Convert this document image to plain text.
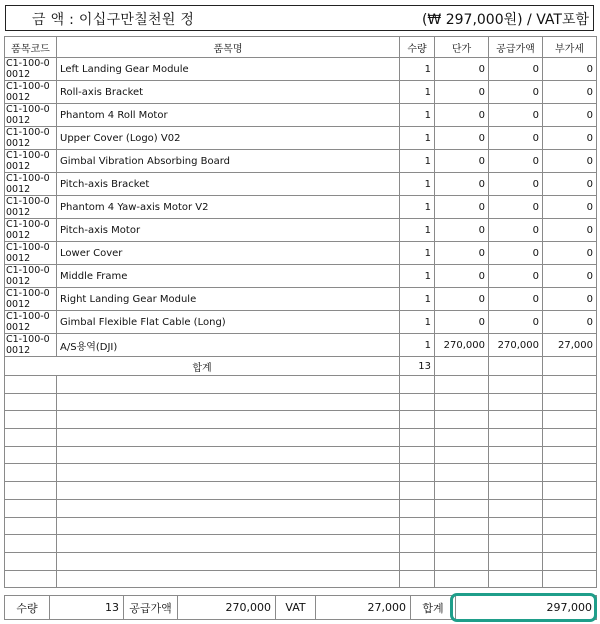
금 액 : 이십구만칠천원 정	(₩ 297,000원) / VAT포함
품목코드	품목명	수량	단가	공급가액	부가세
C1-100-0 0012	Left Landing Gear Module	1	0	0	0
C1-100-0 0012	Roll-axis Bracket	1	0	0	0
C1-100-0 0012	Phantom 4 Roll Motor	1	0	0	0
C1-100-0 0012	Upper Cover (Logo) V02	1	0	0	0
C1-100-0 0012	Gimbal Vibration Absorbing Board	1	0	0	0
C1-100-0 0012	Pitch-axis Bracket	1	0	0	0
C1-100-0 0012	Phantom 4 Yaw-axis Motor V2	1	0	0	0
C1-100-0 0012	Pitch-axis Motor	1	0	0	0
C1-100-0 0012	Lower Cover	1	0	0	0
C1-100-0 0012	Middle Frame	1	0	0	0
C1-100-0 0012	Right Landing Gear Module	1	0	0	0
C1-100-0 0012	Gimbal Flexible Flat Cable (Long)	1	0	0	0
C1-100-0 0012	A/S용역(DJI)	1	270,000	270,000	27,000
합계		13			

수량	13	공급가액	270,000	VAT	27,000	합계	297,000
